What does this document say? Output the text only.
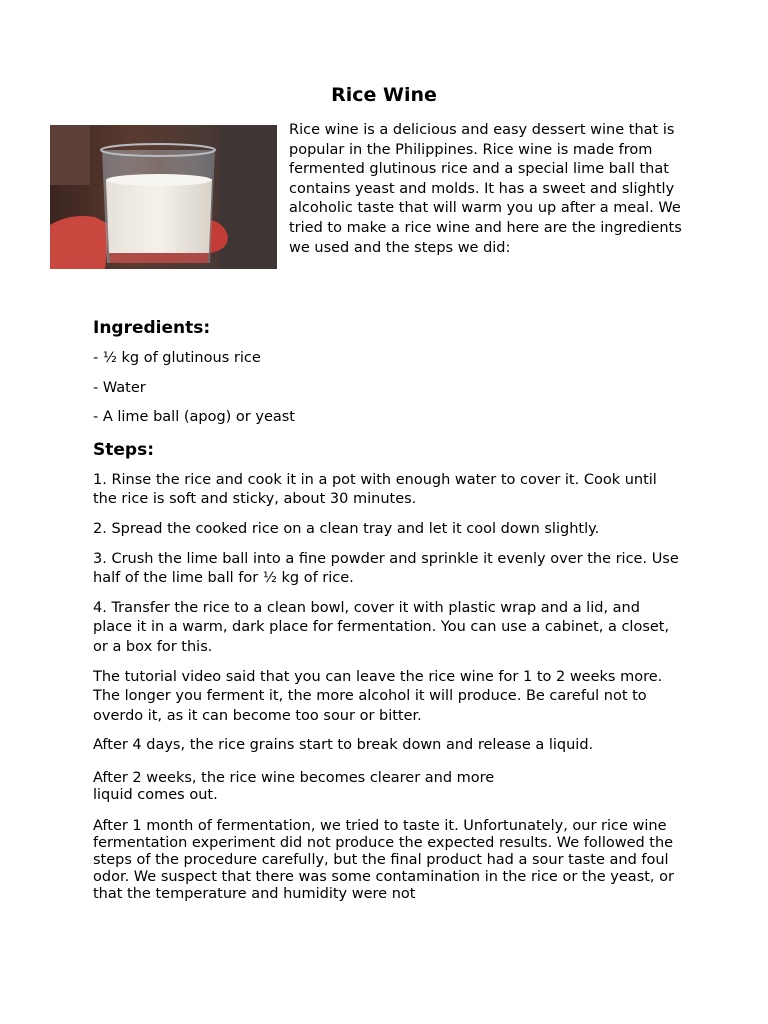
Rice Wine

Rice wine is a delicious and easy dessert wine that is popular in the Philippines. Rice wine is made from fermented glutinous rice and a special lime ball that contains yeast and molds. It has a sweet and slightly alcoholic taste that will warm you up after a meal. We tried to make a rice wine and here are the ingredients we used and the steps we did:

Ingredients:

- ½ kg of glutinous rice

- Water

- A lime ball (apog) or yeast

Steps:

1. Rinse the rice and cook it in a pot with enough water to cover it. Cook until the rice is soft and sticky, about 30 minutes.

2. Spread the cooked rice on a clean tray and let it cool down slightly.

3. Crush the lime ball into a fine powder and sprinkle it evenly over the rice. Use half of the lime ball for ½ kg of rice.

4. Transfer the rice to a clean bowl, cover it with plastic wrap and a lid, and place it in a warm, dark place for fermentation. You can use a cabinet, a closet, or a box for this.

The tutorial video said that you can leave the rice wine for 1 to 2 weeks more. The longer you ferment it, the more alcohol it will produce. Be careful not to overdo it, as it can become too sour or bitter.

After 4 days, the rice grains start to break down and release a liquid.

After 2 weeks, the rice wine becomes clearer and more
liquid comes out.

After 1 month of fermentation, we tried to taste it. Unfortunately, our rice wine fermentation experiment did not produce the expected results. We followed the steps of the procedure carefully, but the final product had a sour taste and foul odor. We suspect that there was some contamination in the rice or the yeast, or that the temperature and humidity were not
